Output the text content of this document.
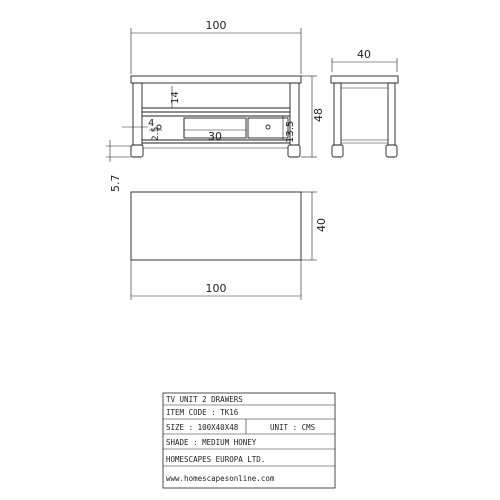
100
14
30	13.5
4
2.5
48
5.7
40
40
100
TV UNIT 2 DRAWERS
ITEM CODE : TK16
SIZE : 100X40X48	UNIT : CMS
SHADE : MEDIUM HONEY
HOMESCAPES EUROPA LTD.
www.homescapesonline.com
